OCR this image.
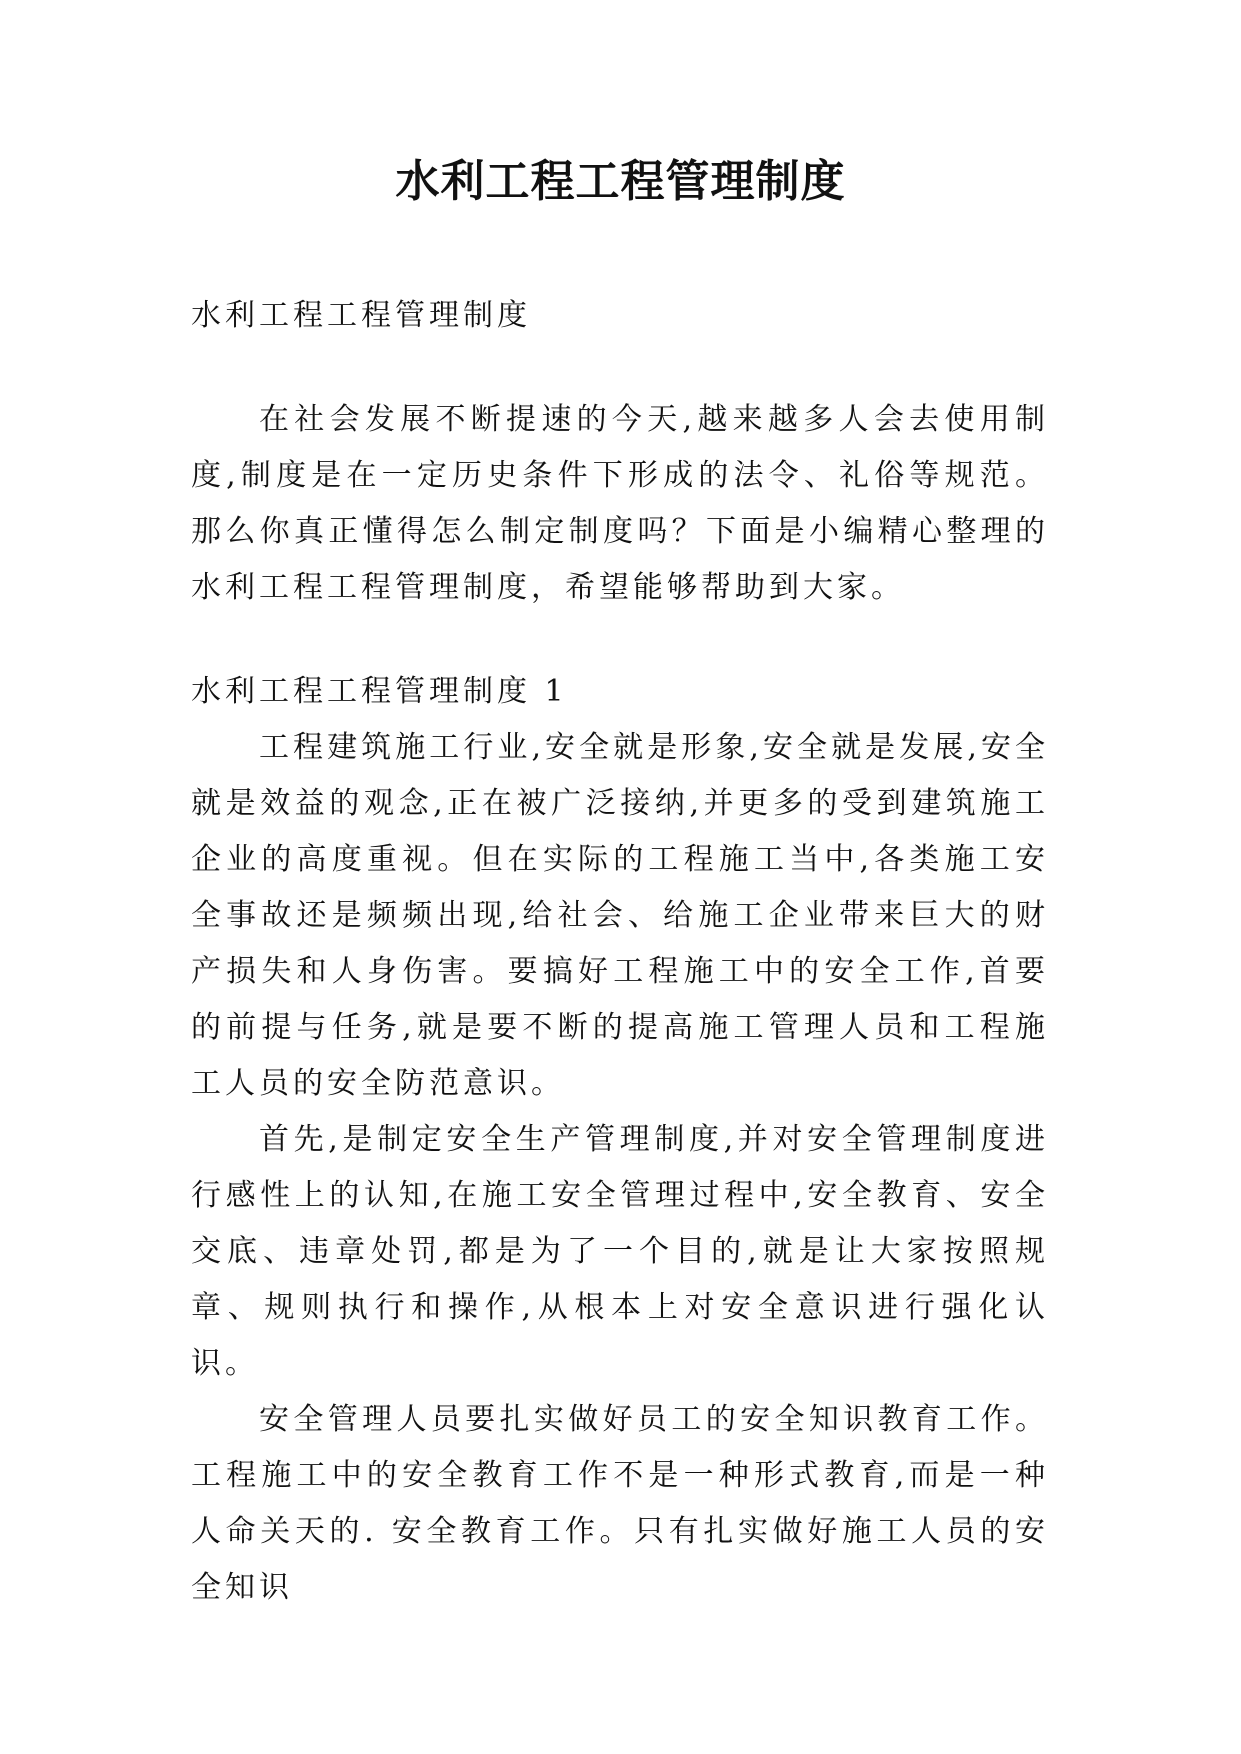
水利工程工程管理制度

水利工程工程管理制度

在社会发展不断提速的今天,越来越多人会去使用制度,制度是在一定历史条件下形成的法令、礼俗等规范。那么你真正懂得怎么制定制度吗？下面是小编精心整理的水利工程工程管理制度，希望能够帮助到大家。

水利工程工程管理制度 1

工程建筑施工行业,安全就是形象,安全就是发展,安全就是效益的观念,正在被广泛接纳,并更多的受到建筑施工企业的高度重视。但在实际的工程施工当中,各类施工安全事故还是频频出现,给社会、给施工企业带来巨大的财产损失和人身伤害。要搞好工程施工中的安全工作,首要的前提与任务,就是要不断的提高施工管理人员和工程施工人员的安全防范意识。

首先,是制定安全生产管理制度,并对安全管理制度进行感性上的认知,在施工安全管理过程中,安全教育、安全交底、违章处罚,都是为了一个目的,就是让大家按照规章、规则执行和操作,从根本上对安全意识进行强化认识。

安全管理人员要扎实做好员工的安全知识教育工作。工程施工中的安全教育工作不是一种形式教育,而是一种人命关天的. 安全教育工作。只有扎实做好施工人员的安全知识
